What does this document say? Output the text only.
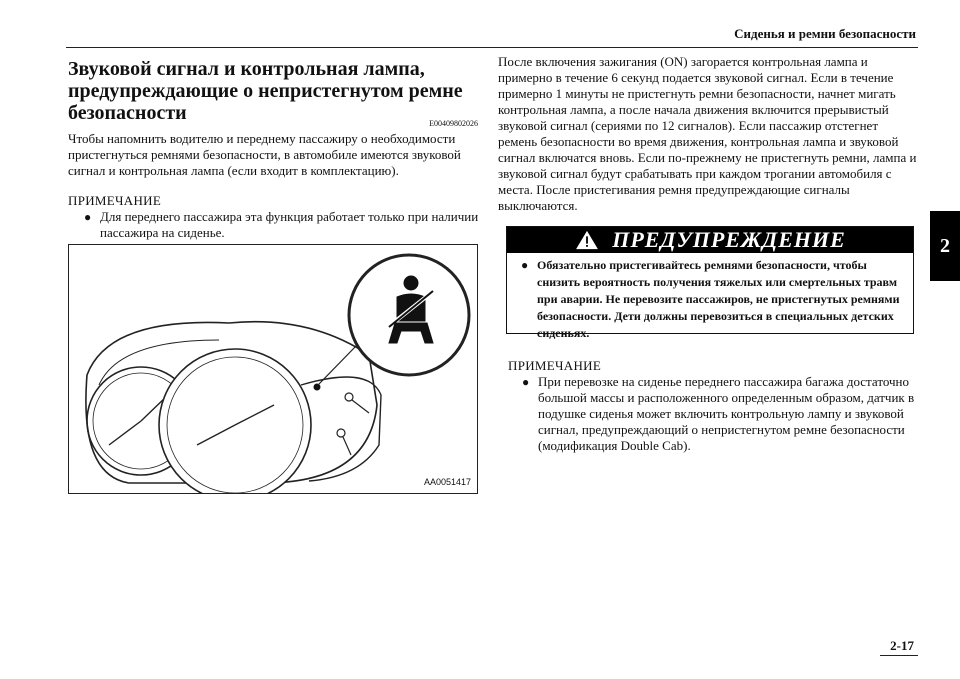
Сиденья и ремни безопасности
2
Звуковой сигнал и контрольная лампа, предупреждающие о непристегнутом ремне безопасности	E00409802026
Чтобы напомнить водителю и переднему пассажиру о необходимости пристегнуться ремнями безопасности, в автомобиле имеются звуковой сигнал и контрольная лампа (если входит в комплектацию).
ПРИМЕЧАНИЕ
● Для переднего пассажира эта функция работает только при наличии пассажира на сиденье.
AA0051417
После включения зажигания (ON) загорается контрольная лампа и примерно в течение 6 секунд подается звуковой сигнал. Если в течение примерно 1 минуты не пристегнуть ремни безопасности, начнет мигать контрольная лампа, а после начала движения включится прерывистый звуковой сигнал (сериями по 12 сигналов). Если пассажир отстегнет ремень безопасности во время движения, контрольная лампа и звуковой сигнал включатся вновь. Если по-прежнему не пристегнуть ремни, лампа и звуковой сигнал будут срабатывать при каждом трогании автомобиля с места. После пристегивания ремня предупреждающие сигналы выключаются.
ПРЕДУПРЕЖДЕНИЕ
● Обязательно пристегивайтесь ремнями безопасности, чтобы снизить вероятность получения тяжелых или смертельных травм при аварии. Не перевозите пассажиров, не пристегнутых ремнями безопасности. Дети должны перевозиться в специальных детских сиденьях.
ПРИМЕЧАНИЕ
● При перевозке на сиденье переднего пассажира багажа достаточно большой массы и расположенного определенным образом, датчик в подушке сиденья может включить контрольную лампу и звуковой сигнал, предупреждающий о непристегнутом ремне безопасности (модификация Double Cab).
2-17
